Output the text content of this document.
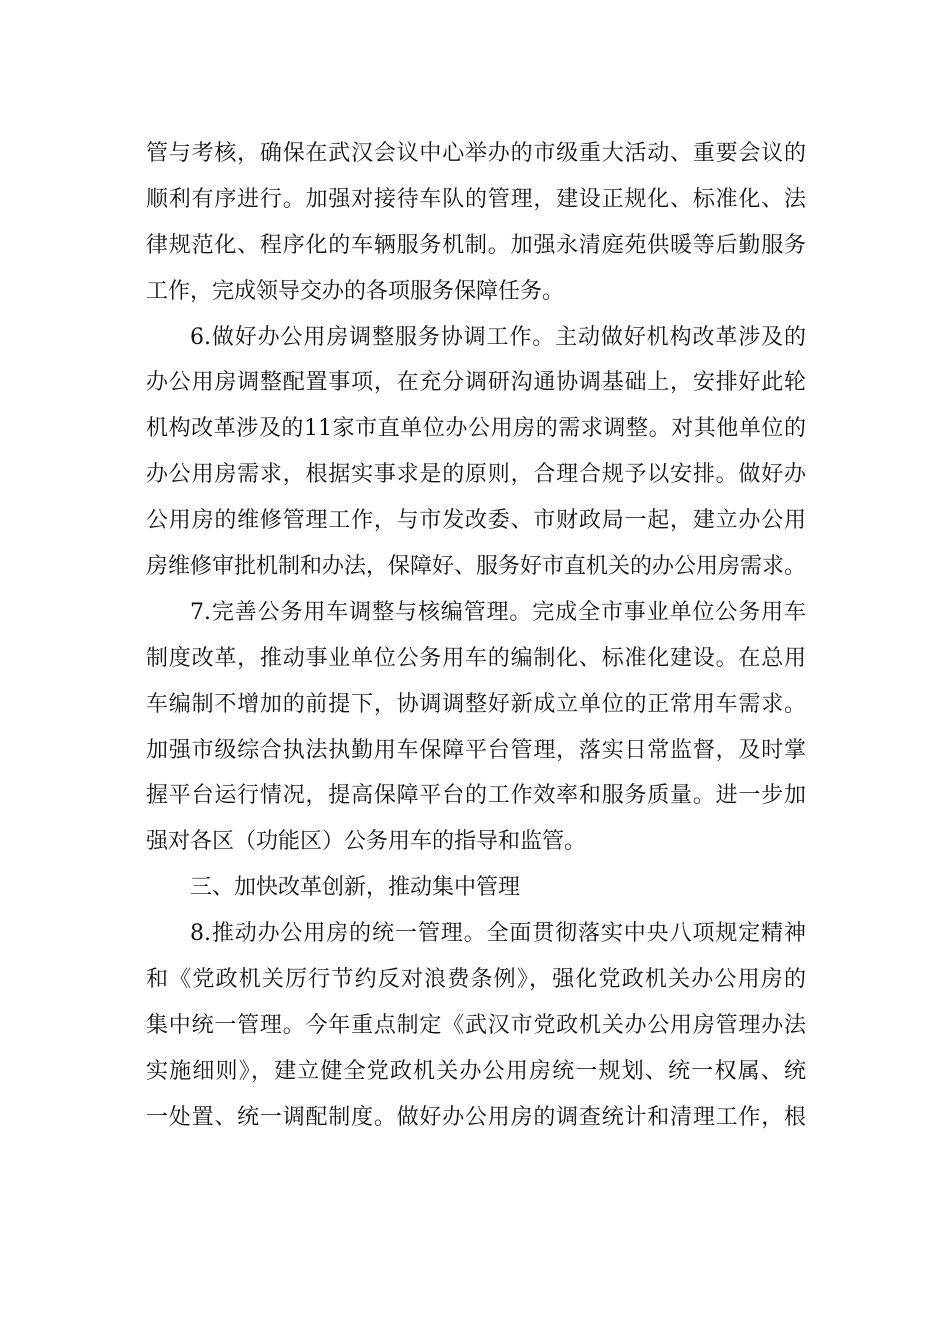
管与考核，确保在武汉会议中心举办的市级重大活动、重要会议的
顺利有序进行。加强对接待车队的管理，建设正规化、标准化、法
律规范化、程序化的车辆服务机制。加强永清庭苑供暖等后勤服务
工作，完成领导交办的各项服务保障任务。
6.做好办公用房调整服务协调工作。主动做好机构改革涉及的
办公用房调整配置事项，在充分调研沟通协调基础上，安排好此轮
机构改革涉及的11家市直单位办公用房的需求调整。对其他单位的
办公用房需求，根据实事求是的原则，合理合规予以安排。做好办
公用房的维修管理工作，与市发改委、市财政局一起，建立办公用
房维修审批机制和办法，保障好、服务好市直机关的办公用房需求。
7.完善公务用车调整与核编管理。完成全市事业单位公务用车
制度改革，推动事业单位公务用车的编制化、标准化建设。在总用
车编制不增加的前提下，协调调整好新成立单位的正常用车需求。
加强市级综合执法执勤用车保障平台管理，落实日常监督，及时掌
握平台运行情况，提高保障平台的工作效率和服务质量。进一步加
强对各区（功能区）公务用车的指导和监管。
三、加快改革创新，推动集中管理
8.推动办公用房的统一管理。全面贯彻落实中央八项规定精神
和《党政机关厉行节约反对浪费条例》，强化党政机关办公用房的
集中统一管理。今年重点制定《武汉市党政机关办公用房管理办法
实施细则》，建立健全党政机关办公用房统一规划、统一权属、统
一处置、统一调配制度。做好办公用房的调查统计和清理工作，根
